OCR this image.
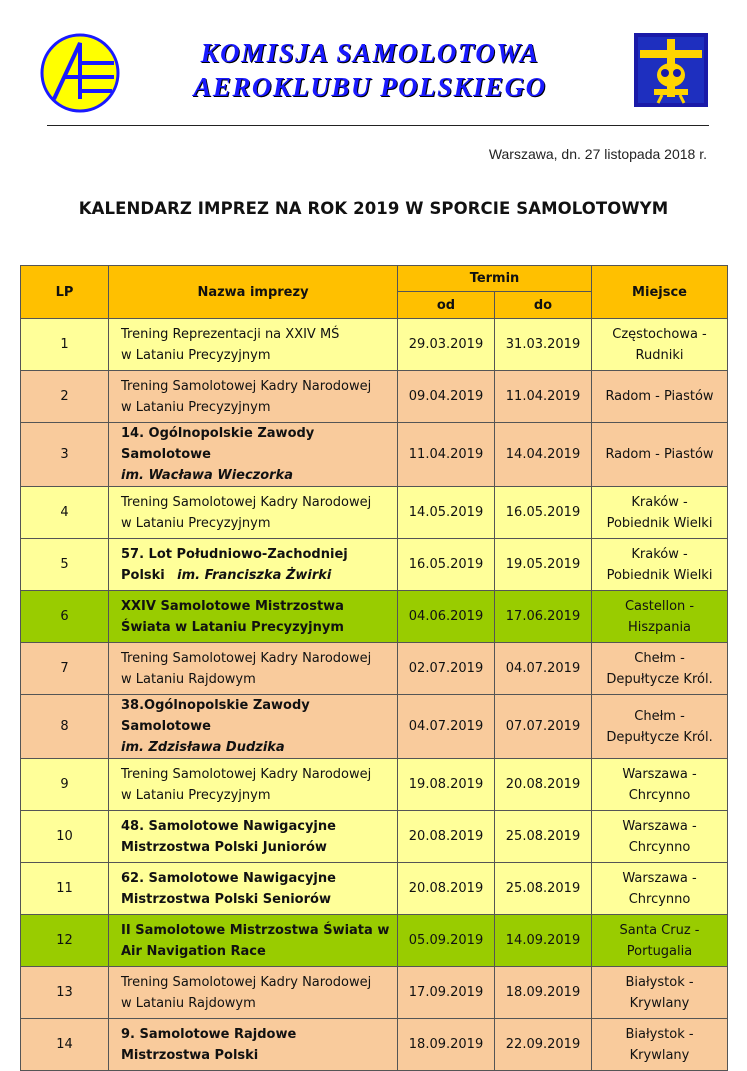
KOMISJA SAMOLOTOWA
AEROKLUBU POLSKIEGO
Warszawa, dn. 27 listopada 2018 r.
KALENDARZ IMPREZ NA ROK 2019 W SPORCIE SAMOLOTOWYM
LP	Nazwa imprezy	Termin		Miejsce
		od	do	
1	Trening Reprezentacji na XXIV MŚ
w Lataniu Precyzyjnym	29.03.2019	31.03.2019	Częstochowa -
Rudniki

2	Trening Samolotowej Kadry Narodowej
w Lataniu Precyzyjnym	09.04.2019	11.04.2019	Radom - Piastów
3	14. Ogólnopolskie Zawody Samolotowe
im. Wacława Wieczorka	11.04.2019	14.04.2019	Radom - Piastów
4	Trening Samolotowej Kadry Narodowej
w Lataniu Precyzyjnym	14.05.2019	16.05.2019	Kraków -
Pobiednik Wielki

5	57. Lot Południowo-Zachodniej
Polski im. Franciszka Żwirki	16.05.2019	19.05.2019	Kraków -
Pobiednik Wielki

6	XXIV Samolotowe Mistrzostwa
Świata w Lataniu Precyzyjnym	04.06.2019	17.06.2019	Castellon -
Hiszpania

7	Trening Samolotowej Kadry Narodowej
w Lataniu Rajdowym	02.07.2019	04.07.2019	Chełm -
Depułtycze Król.

8	38.Ogólnopolskie Zawody Samolotowe
im. Zdzisława Dudzika	04.07.2019	07.07.2019	Chełm -
Depułtycze Król.

9	Trening Samolotowej Kadry Narodowej
w Lataniu Precyzyjnym	19.08.2019	20.08.2019	Warszawa -
Chrcynno

10	48. Samolotowe Nawigacyjne
Mistrzostwa Polski Juniorów	20.08.2019	25.08.2019	Warszawa -
Chrcynno

11	62. Samolotowe Nawigacyjne
Mistrzostwa Polski Seniorów	20.08.2019	25.08.2019	Warszawa -
Chrcynno

12	II Samolotowe Mistrzostwa Świata w
Air Navigation Race	05.09.2019	14.09.2019	Santa Cruz -
Portugalia

13	Trening Samolotowej Kadry Narodowej
w Lataniu Rajdowym	17.09.2019	18.09.2019	Białystok -
Krywlany

14	9. Samolotowe Rajdowe
Mistrzostwa Polski	18.09.2019	22.09.2019	Białystok -
Krywlany
